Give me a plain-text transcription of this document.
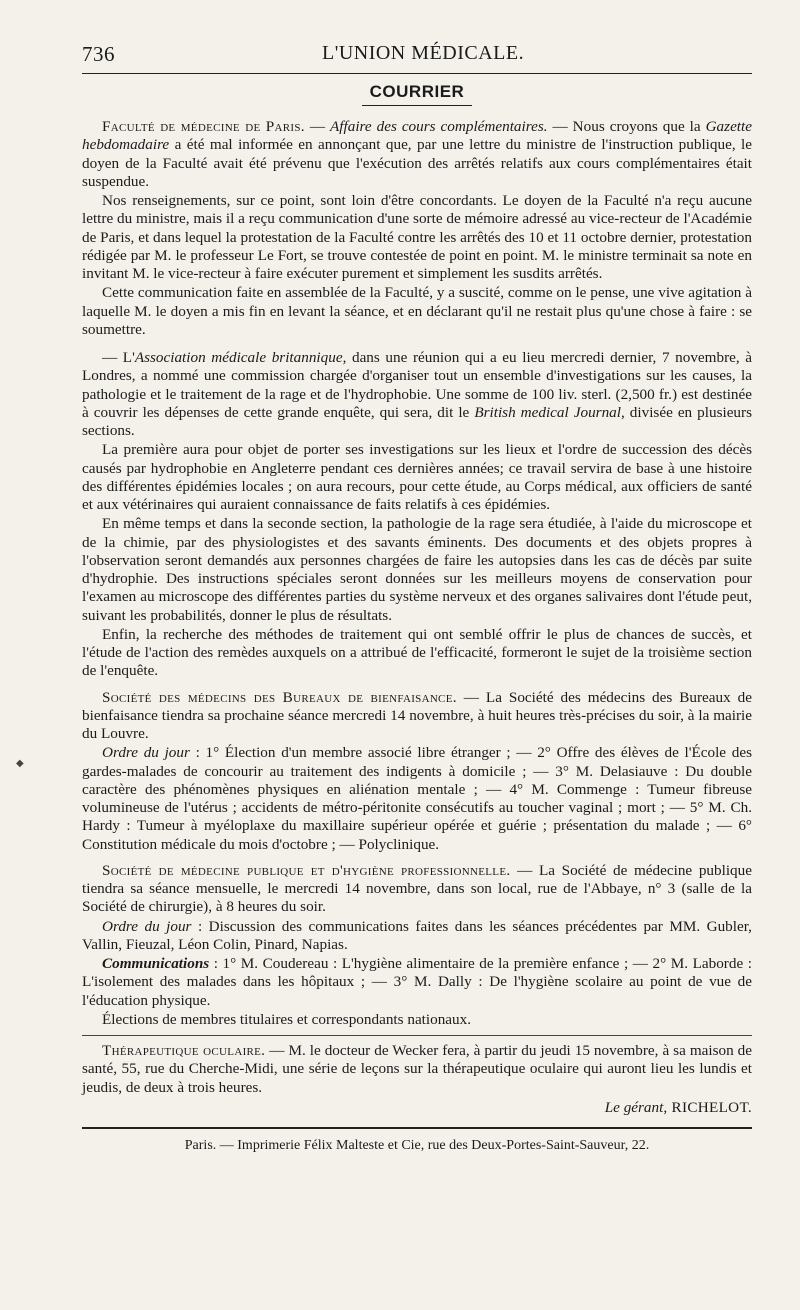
◆
736	L'UNION MÉDICALE.
COURRIER

Faculté de médecine de Paris. — Affaire des cours complémentaires. — Nous croyons que la Gazette hebdomadaire a été mal informée en annonçant que, par une lettre du ministre de l'instruction publique, le doyen de la Faculté avait été prévenu que l'exécution des arrêtés relatifs aux cours complémentaires était suspendue.

Nos renseignements, sur ce point, sont loin d'être concordants. Le doyen de la Faculté n'a reçu aucune lettre du ministre, mais il a reçu communication d'une sorte de mémoire adressé au vice-recteur de l'Académie de Paris, et dans lequel la protestation de la Faculté contre les arrêtés des 10 et 11 octobre dernier, protestation rédigée par M. le professeur Le Fort, se trouve contestée de point en point. M. le ministre terminait sa note en invitant M. le vice-recteur à faire exécuter purement et simplement les susdits arrêtés.

Cette communication faite en assemblée de la Faculté, y a suscité, comme on le pense, une vive agitation à laquelle M. le doyen a mis fin en levant la séance, et en déclarant qu'il ne restait plus qu'une chose à faire : se soumettre.

— L'Association médicale britannique, dans une réunion qui a eu lieu mercredi dernier, 7 novembre, à Londres, a nommé une commission chargée d'organiser tout un ensemble d'investigations sur les causes, la pathologie et le traitement de la rage et de l'hydrophobie. Une somme de 100 liv. sterl. (2,500 fr.) est destinée à couvrir les dépenses de cette grande enquête, qui sera, dit le British medical Journal, divisée en plusieurs sections.

La première aura pour objet de porter ses investigations sur les lieux et l'ordre de succession des décès causés par hydrophobie en Angleterre pendant ces dernières années; ce travail servira de base à une histoire des différentes épidémies locales ; on aura recours, pour cette étude, au Corps médical, aux officiers de santé et aux vétérinaires qui auraient connaissance de faits relatifs à ces épidémies.

En même temps et dans la seconde section, la pathologie de la rage sera étudiée, à l'aide du microscope et de la chimie, par des physiologistes et des savants éminents. Des documents et des objets propres à l'observation seront demandés aux personnes chargées de faire les autopsies dans les cas de décès par suite d'hydrophie. Des instructions spéciales seront données sur les meilleurs moyens de conservation pour l'examen au microscope des différentes parties du système nerveux et des organes salivaires dont l'étude peut, suivant les probabilités, donner le plus de résultats.

Enfin, la recherche des méthodes de traitement qui ont semblé offrir le plus de chances de succès, et l'étude de l'action des remèdes auxquels on a attribué de l'efficacité, formeront le sujet de la troisième section de l'enquête.

Société des médecins des Bureaux de bienfaisance. — La Société des médecins des Bureaux de bienfaisance tiendra sa prochaine séance mercredi 14 novembre, à huit heures très-précises du soir, à la mairie du Louvre.

Ordre du jour : 1° Élection d'un membre associé libre étranger ; — 2° Offre des élèves de l'École des gardes-malades de concourir au traitement des indigents à domicile ; — 3° M. Delasiauve : Du double caractère des phénomènes physiques en aliénation mentale ; — 4° M. Commenge : Tumeur fibreuse volumineuse de l'utérus ; accidents de métro-péritonite consécutifs au toucher vaginal ; mort ; — 5° M. Ch. Hardy : Tumeur à myéloplaxe du maxillaire supérieur opérée et guérie ; présentation du malade ; — 6° Constitution médicale du mois d'octobre ; — Polyclinique.

Société de médecine publique et d'hygiène professionnelle. — La Société de médecine publique tiendra sa séance mensuelle, le mercredi 14 novembre, dans son local, rue de l'Abbaye, n° 3 (salle de la Société de chirurgie), à 8 heures du soir.

Ordre du jour : Discussion des communications faites dans les séances précédentes par MM. Gubler, Vallin, Fieuzal, Léon Colin, Pinard, Napias.

Communications : 1° M. Coudereau : L'hygiène alimentaire de la première enfance ; — 2° M. Laborde : L'isolement des malades dans les hôpitaux ; — 3° M. Dally : De l'hygiène scolaire au point de vue de l'éducation physique.

Élections de membres titulaires et correspondants nationaux.

Thérapeutique oculaire. — M. le docteur de Wecker fera, à partir du jeudi 15 novembre, à sa maison de santé, 55, rue du Cherche-Midi, une série de leçons sur la thérapeutique oculaire qui auront lieu les lundis et jeudis, de deux à trois heures.

Le gérant, RICHELOT.
Paris. — Imprimerie Félix Malteste et Cie, rue des Deux-Portes-Saint-Sauveur, 22.
